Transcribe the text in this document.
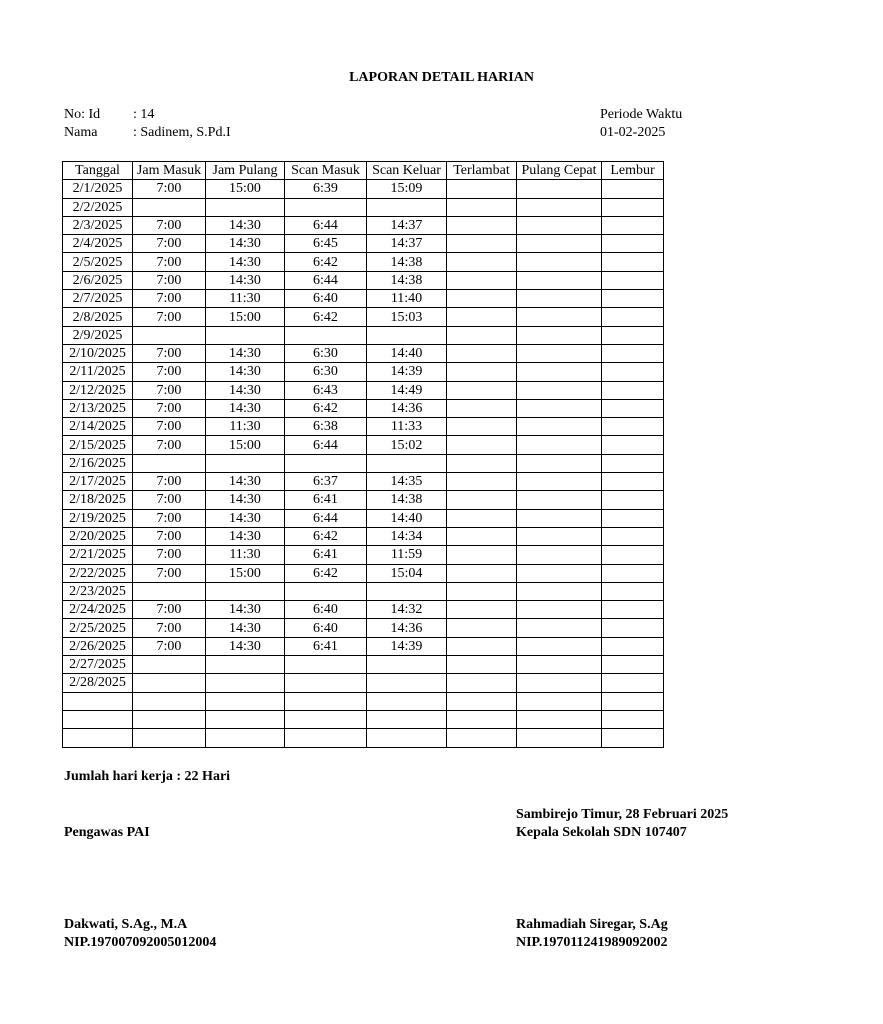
LAPORAN DETAIL HARIAN
No: Id : 14	Periode Waktu
Nama	: Sadinem, S.Pd.I	01-02-2025
Tanggal	Jam Masuk	Jam Pulang	Scan Masuk	Scan Keluar	Terlambat	Pulang Cepat	Lembur
2/1/2025	7:00	15:00	6:39	15:09			
2/2/2025							
2/3/2025	7:00	14:30	6:44	14:37			
2/4/2025	7:00	14:30	6:45	14:37			
2/5/2025	7:00	14:30	6:42	14:38			
2/6/2025	7:00	14:30	6:44	14:38			
2/7/2025	7:00	11:30	6:40	11:40			
2/8/2025	7:00	15:00	6:42	15:03			
2/9/2025							
2/10/2025	7:00	14:30	6:30	14:40			
2/11/2025	7:00	14:30	6:30	14:39			
2/12/2025	7:00	14:30	6:43	14:49			
2/13/2025	7:00	14:30	6:42	14:36			
2/14/2025	7:00	11:30	6:38	11:33			
2/15/2025	7:00	15:00	6:44	15:02			
2/16/2025							
2/17/2025	7:00	14:30	6:37	14:35			
2/18/2025	7:00	14:30	6:41	14:38			
2/19/2025	7:00	14:30	6:44	14:40			
2/20/2025	7:00	14:30	6:42	14:34			
2/21/2025	7:00	11:30	6:41	11:59			
2/22/2025	7:00	15:00	6:42	15:04			
2/23/2025							
2/24/2025	7:00	14:30	6:40	14:32			
2/25/2025	7:00	14:30	6:40	14:36			
2/26/2025	7:00	14:30	6:41	14:39			
2/27/2025							
2/28/2025							

Jumlah hari kerja : 22 Hari
Sambirejo Timur, 28 Februari 2025
Pengawas PAI	Kepala Sekolah SDN 107407
Dakwati, S.Ag., M.A	Rahmadiah Siregar, S.Ag
NIP.197007092005012004	NIP.197011241989092002
